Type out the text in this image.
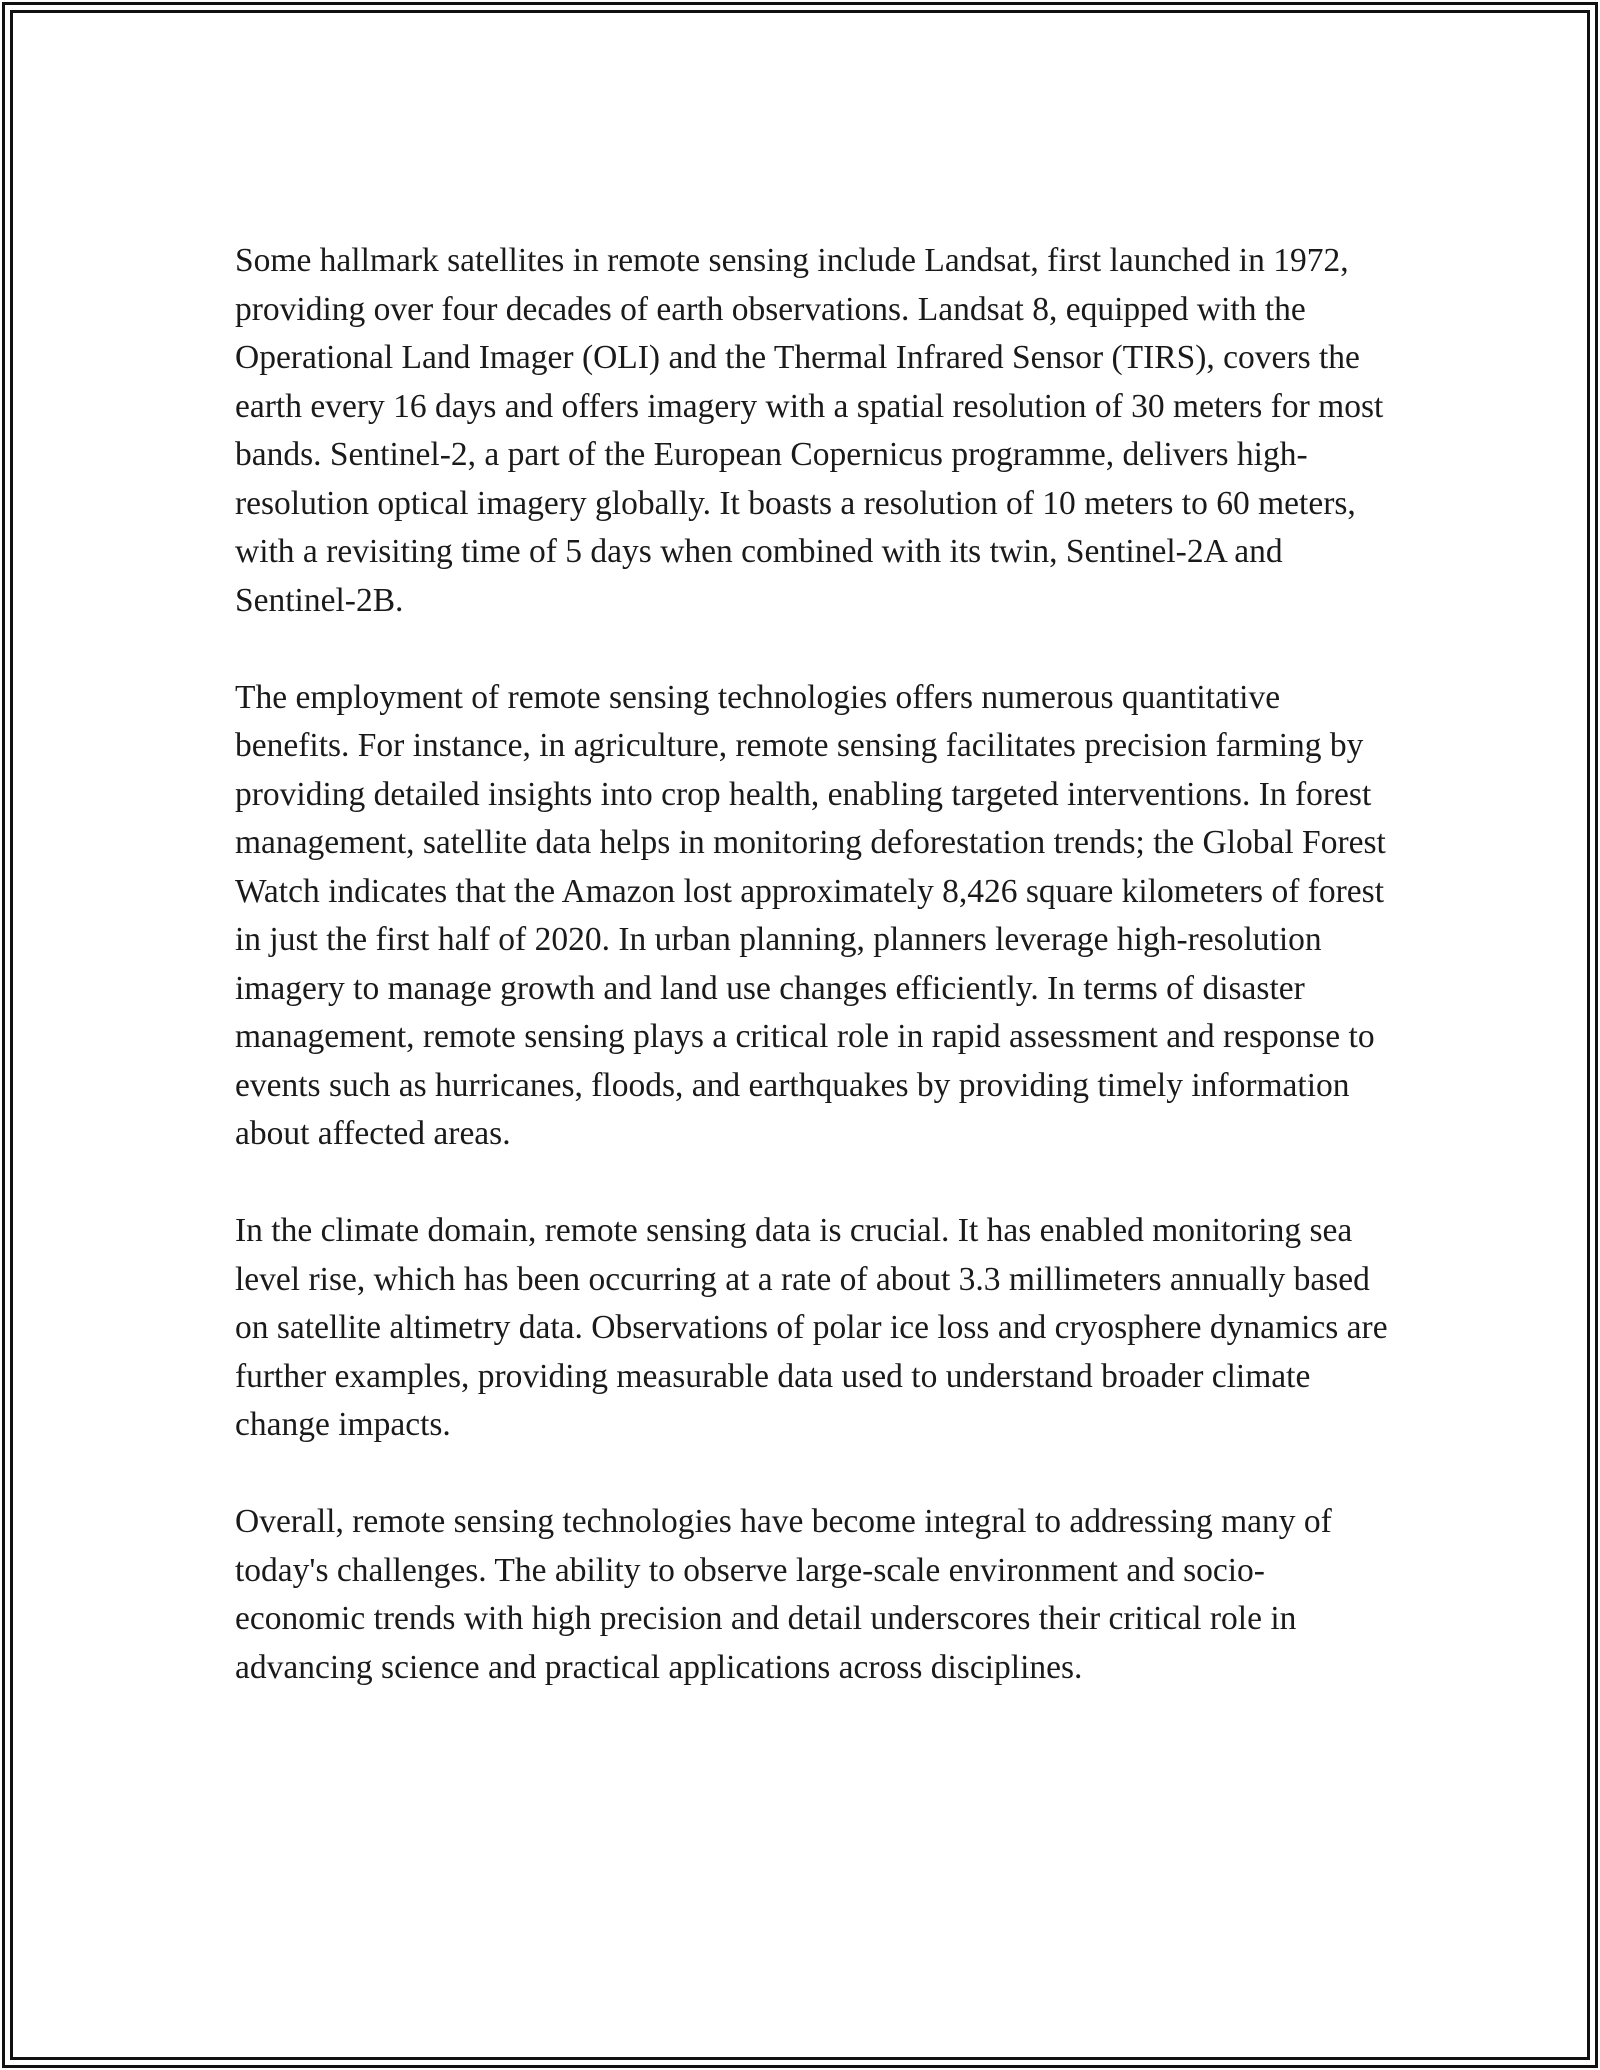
Some hallmark satellites in remote sensing include Landsat, first launched in 1972, providing over four decades of earth observations. Landsat 8, equipped with the Operational Land Imager (OLI) and the Thermal Infrared Sensor (TIRS), covers the earth every 16 days and offers imagery with a spatial resolution of 30 meters for most bands. Sentinel-2, a part of the European Copernicus programme, delivers high-resolution optical imagery globally. It boasts a resolution of 10 meters to 60 meters, with a revisiting time of 5 days when combined with its twin, Sentinel-2A and Sentinel-2B.

The employment of remote sensing technologies offers numerous quantitative benefits. For instance, in agriculture, remote sensing facilitates precision farming by providing detailed insights into crop health, enabling targeted interventions. In forest management, satellite data helps in monitoring deforestation trends; the Global Forest Watch indicates that the Amazon lost approximately 8,426 square kilometers of forest in just the first half of 2020. In urban planning, planners leverage high-resolution imagery to manage growth and land use changes efficiently. In terms of disaster management, remote sensing plays a critical role in rapid assessment and response to events such as hurricanes, floods, and earthquakes by providing timely information about affected areas.

In the climate domain, remote sensing data is crucial. It has enabled monitoring sea level rise, which has been occurring at a rate of about 3.3 millimeters annually based on satellite altimetry data. Observations of polar ice loss and cryosphere dynamics are further examples, providing measurable data used to understand broader climate change impacts.

Overall, remote sensing technologies have become integral to addressing many of today's challenges. The ability to observe large-scale environment and socio-economic trends with high precision and detail underscores their critical role in advancing science and practical applications across disciplines.
